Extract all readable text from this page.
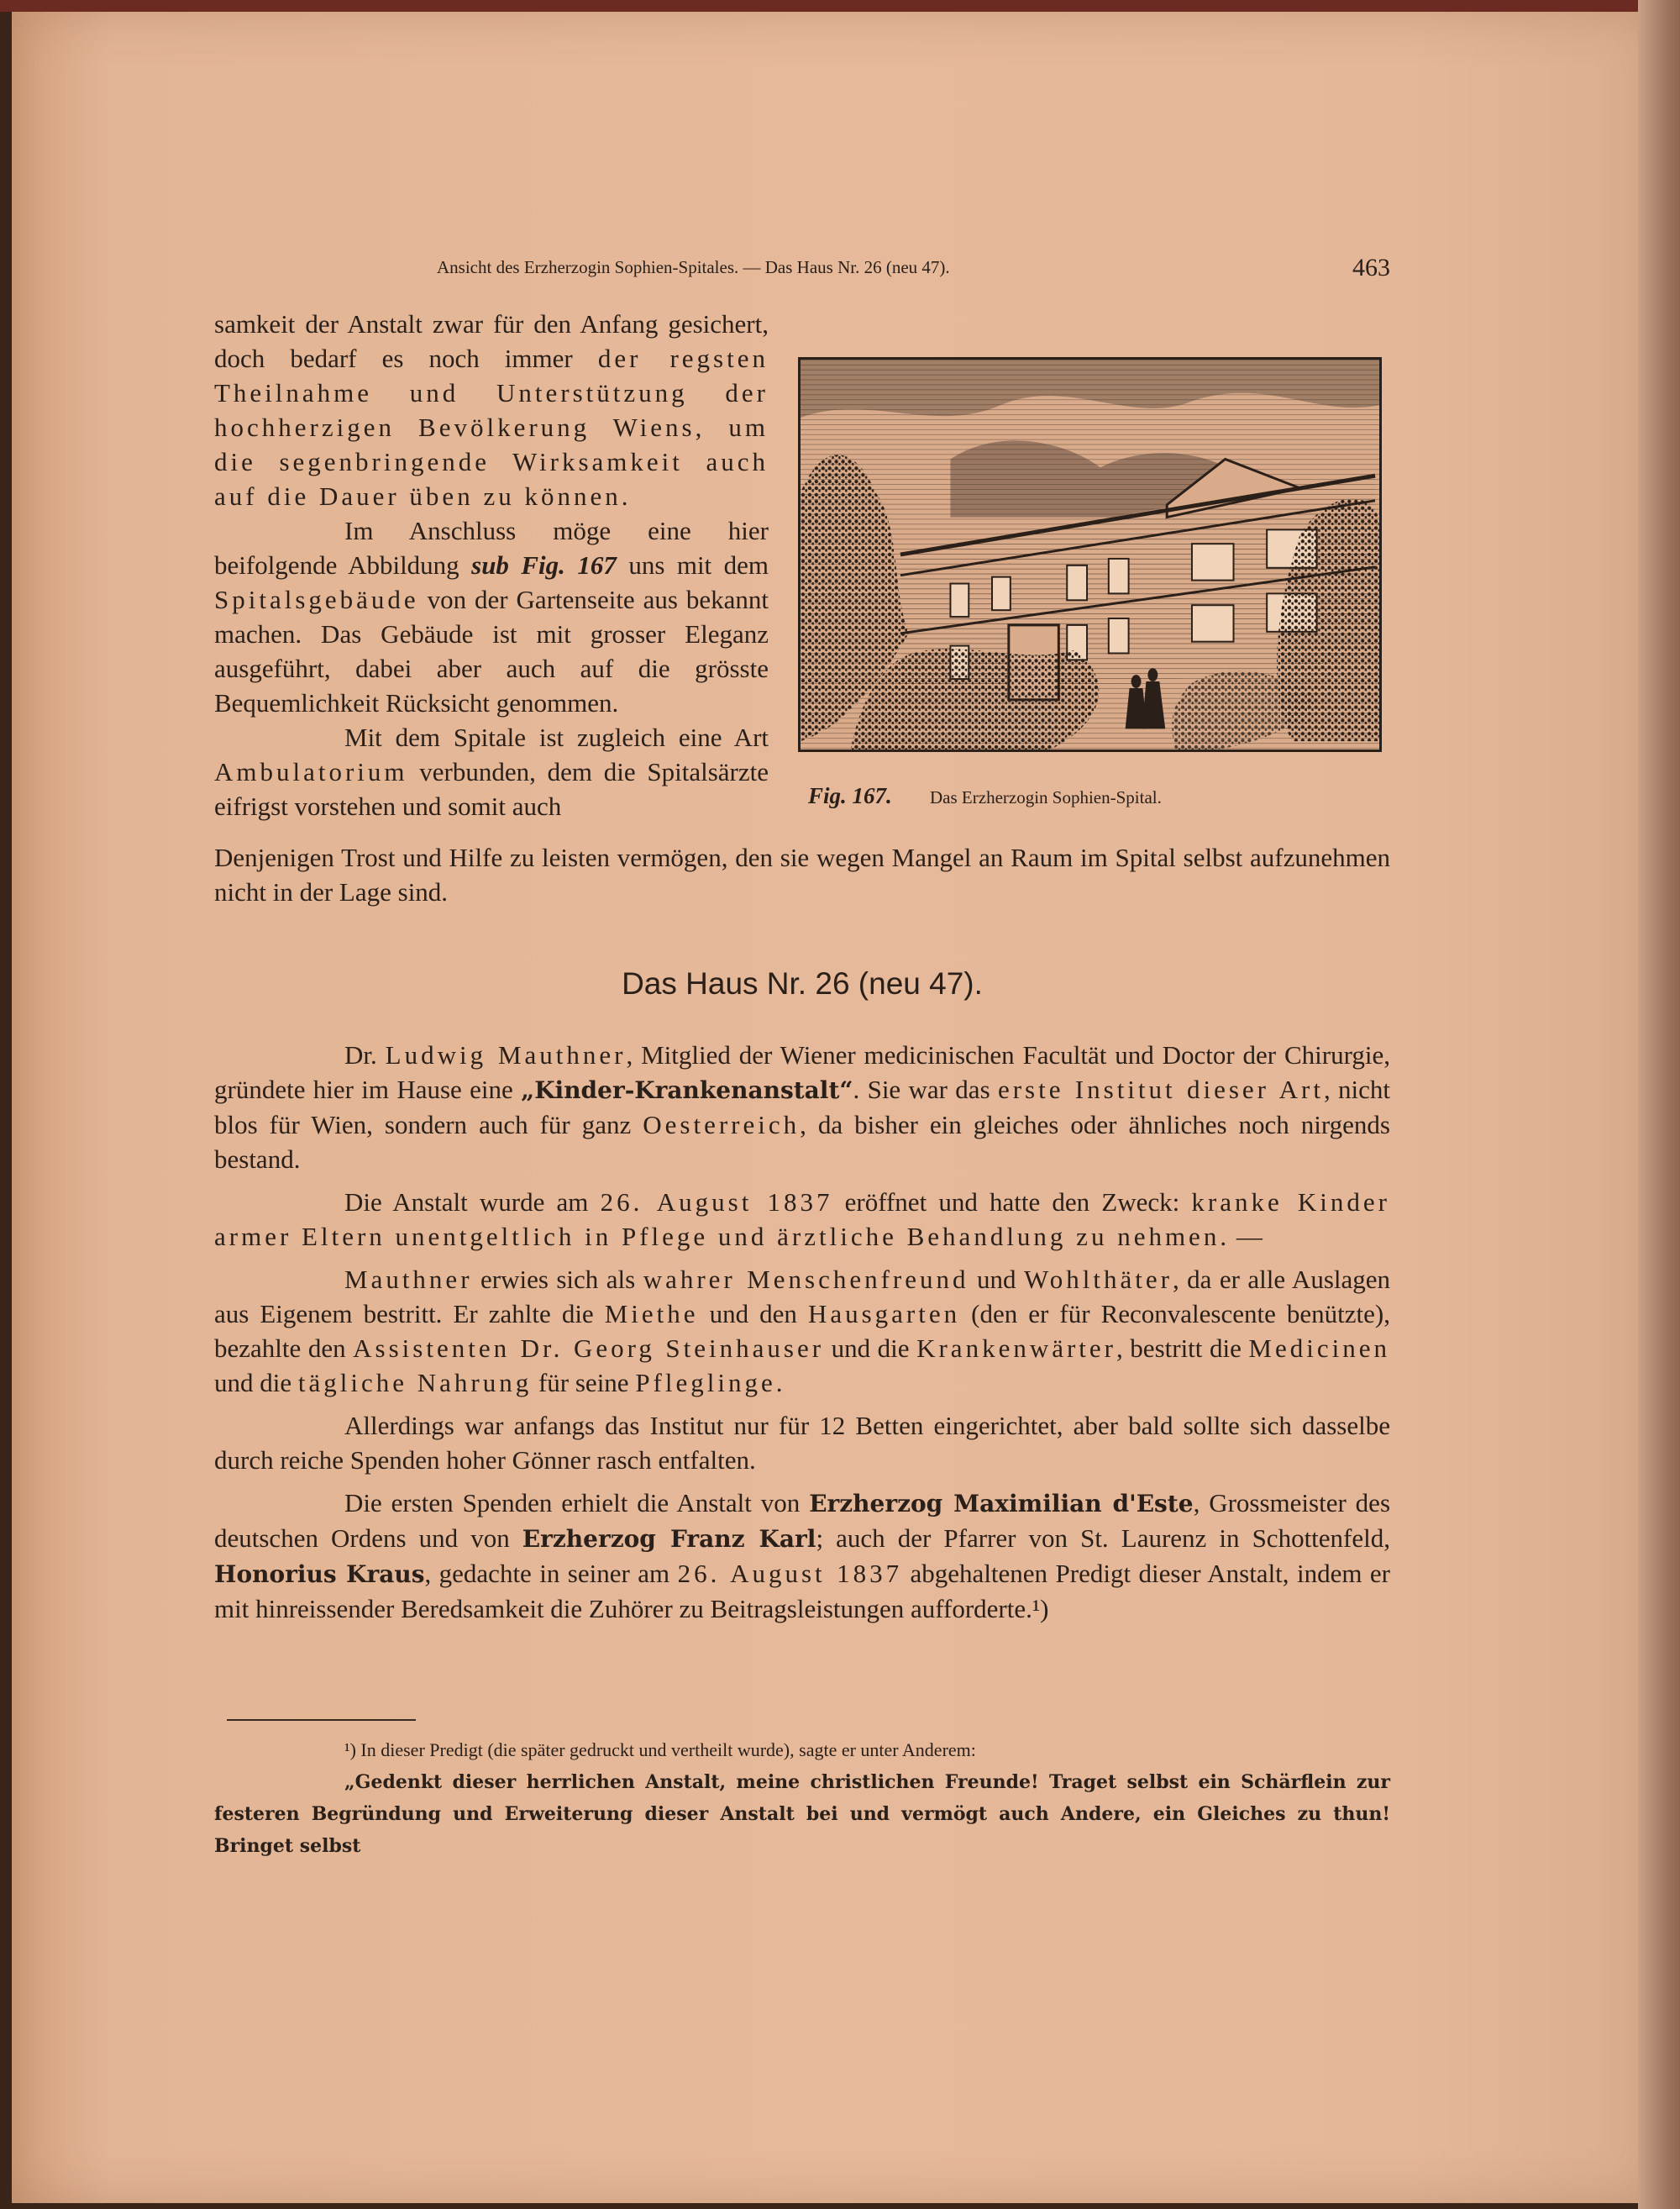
Ansicht des Erzherzogin Sophien-Spitales. — Das Haus Nr. 26 (neu 47).	463

samkeit der Anstalt zwar für den Anfang gesichert, doch bedarf es noch immer der regsten Theilnahme und Unterstützung der hochherzigen Bevölkerung Wiens, um die segenbringende Wirksamkeit auch auf die Dauer üben zu können.

Im Anschluss möge eine hier beifolgende Abbildung sub Fig. 167 uns mit dem Spitalsgebäude von der Gartenseite aus bekannt machen. Das Gebäude ist mit grosser Eleganz ausgeführt, dabei aber auch auf die grösste Bequemlichkeit Rücksicht genommen.

Mit dem Spitale ist zugleich eine Art Ambulatorium verbunden, dem die Spitalsärzte eifrigst vorstehen und somit auch	Fig. 167. Das Erzherzogin Sophien-Spital.

Denjenigen Trost und Hilfe zu leisten vermögen, den sie wegen Mangel an Raum im Spital selbst aufzunehmen nicht in der Lage sind.

Das Haus Nr. 26 (neu 47).

Dr. Ludwig Mauthner, Mitglied der Wiener medicinischen Facultät und Doctor der Chirurgie, gründete hier im Hause eine „Kinder-Krankenanstalt“. Sie war das erste Institut dieser Art, nicht blos für Wien, sondern auch für ganz Oesterreich, da bisher ein gleiches oder ähnliches noch nirgends bestand.

Die Anstalt wurde am 26. August 1837 eröffnet und hatte den Zweck: kranke Kinder armer Eltern unentgeltlich in Pflege und ärztliche Behandlung zu nehmen. —

Mauthner erwies sich als wahrer Menschenfreund und Wohlthäter, da er alle Auslagen aus Eigenem bestritt. Er zahlte die Miethe und den Hausgarten (den er für Reconvalescente benützte), bezahlte den Assistenten Dr. Georg Steinhauser und die Krankenwärter, bestritt die Medicinen und die tägliche Nahrung für seine Pfleglinge.

Allerdings war anfangs das Institut nur für 12 Betten eingerichtet, aber bald sollte sich dasselbe durch reiche Spenden hoher Gönner rasch entfalten.

Die ersten Spenden erhielt die Anstalt von Erzherzog Maximilian d'Este, Grossmeister des deutschen Ordens und von Erzherzog Franz Karl; auch der Pfarrer von St. Laurenz in Schottenfeld, Honorius Kraus, gedachte in seiner am 26. August 1837 abgehaltenen Predigt dieser Anstalt, indem er mit hinreissender Beredsamkeit die Zuhörer zu Beitragsleistungen aufforderte.¹)

¹) In dieser Predigt (die später gedruckt und vertheilt wurde), sagte er unter Anderem:

„Gedenkt dieser herrlichen Anstalt, meine christlichen Freunde! Traget selbst ein Schärflein zur festeren Begründung und Erweiterung dieser Anstalt bei und vermögt auch Andere, ein Gleiches zu thun! Bringet selbst
